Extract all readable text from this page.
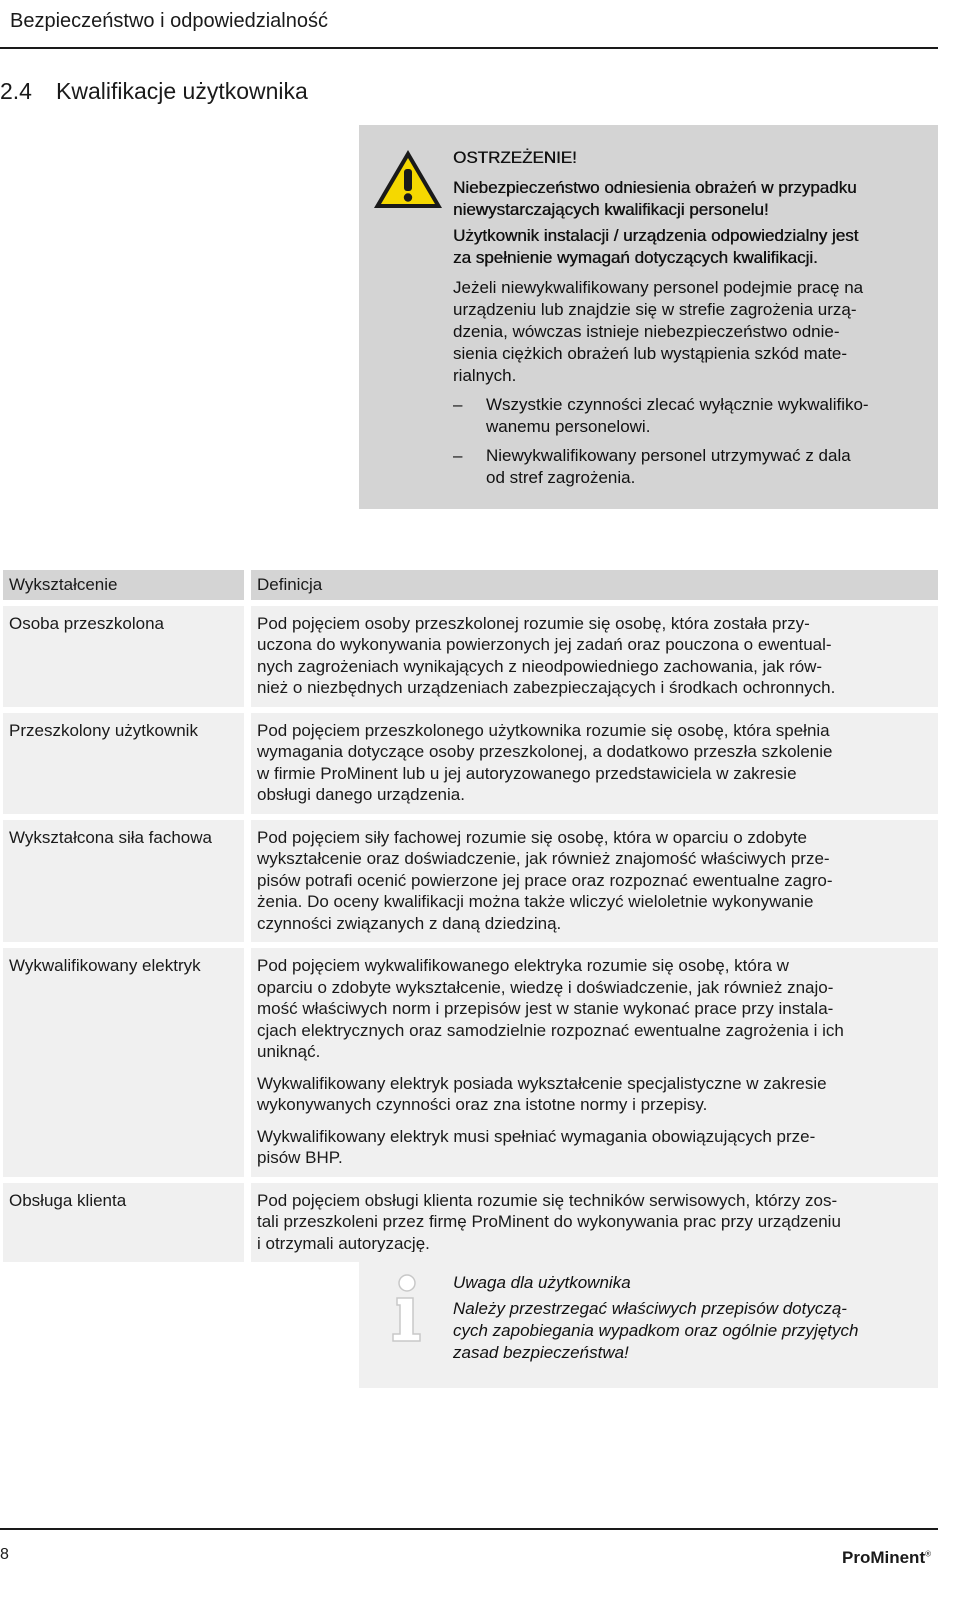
Bezpieczeństwo i odpowiedzialność
2.4 Kwalifikacje użytkownika
OSTRZEŻENIE!
Niebezpieczeństwo odniesienia obrażeń w przypadku
niewystarczających kwalifikacji personelu!
Użytkownik instalacji / urządzenia odpowiedzialny jest
za spełnienie wymagań dotyczących kwalifikacji.
Jeżeli niewykwalifikowany personel podejmie pracę na
urządzeniu lub znajdzie się w strefie zagrożenia urzą-
dzenia, wówczas istnieje niebezpieczeństwo odnie-
sienia ciężkich obrażeń lub wystąpienia szkód mate-
rialnych.
– Wszystkie czynności zlecać wyłącznie wykwalifiko-
wanemu personelowi.
– Niewykwalifikowany personel utrzymywać z dala
od stref zagrożenia.
Wykształcenie	Definicja
Osoba przeszkolona	Pod pojęciem osoby przeszkolonej rozumie się osobę, która została przy-
uczona do wykonywania powierzonych jej zadań oraz pouczona o ewentual-
nych zagrożeniach wynikających z nieodpowiedniego zachowania, jak rów-
nież o niezbędnych urządzeniach zabezpieczających i środkach ochronnych.

Przeszkolony użytkownik	Pod pojęciem przeszkolonego użytkownika rozumie się osobę, która spełnia
wymagania dotyczące osoby przeszkolonej, a dodatkowo przeszła szkolenie
w firmie ProMinent lub u jej autoryzowanego przedstawiciela w zakresie
obsługi danego urządzenia.

Wykształcona siła fachowa	Pod pojęciem siły fachowej rozumie się osobę, która w oparciu o zdobyte
wykształcenie oraz doświadczenie, jak również znajomość właściwych prze-
pisów potrafi ocenić powierzone jej prace oraz rozpoznać ewentualne zagro-
żenia. Do oceny kwalifikacji można także wliczyć wieloletnie wykonywanie
czynności związanych z daną dziedziną.

Wykwalifikowany elektryk	Pod pojęciem wykwalifikowanego elektryka rozumie się osobę, która w
oparciu o zdobyte wykształcenie, wiedzę i doświadczenie, jak również znajo-
mość właściwych norm i przepisów jest w stanie wykonać prace przy instala-
cjach elektrycznych oraz samodzielnie rozpoznać ewentualne zagrożenia i ich
uniknąć.

Wykwalifikowany elektryk posiada wykształcenie specjalistyczne w zakresie
wykonywanych czynności oraz zna istotne normy i przepisy.

Wykwalifikowany elektryk musi spełniać wymagania obowiązujących prze-
pisów BHP.

Obsługa klienta	Pod pojęciem obsługi klienta rozumie się techników serwisowych, którzy zos-
tali przeszkoleni przez firmę ProMinent do wykonywania prac przy urządzeniu
i otrzymali autoryzację.

Uwaga dla użytkownika
Należy przestrzegać właściwych przepisów dotyczą-
cych zapobiegania wypadkom oraz ogólnie przyjętych
zasad bezpieczeństwa!
8	ProMinent®
